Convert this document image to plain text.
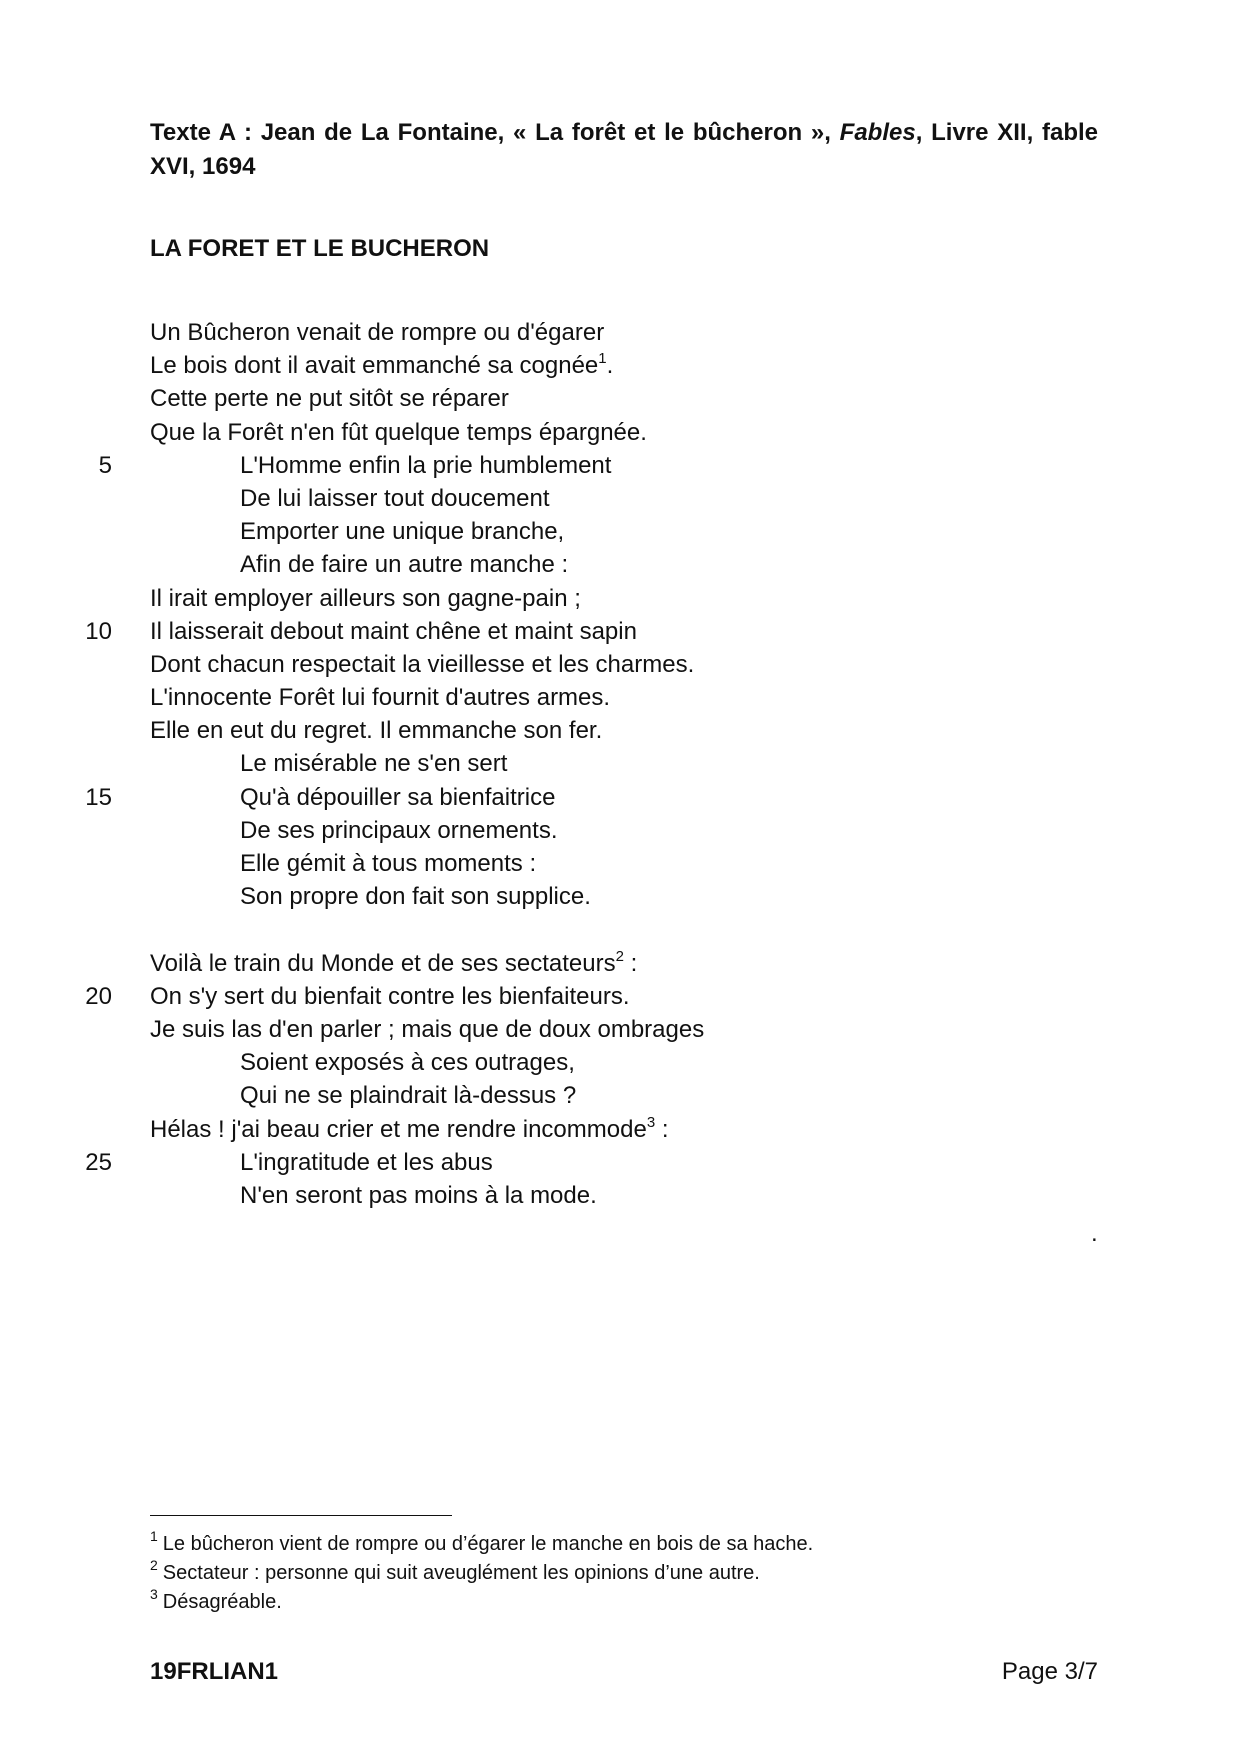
Texte A : Jean de La Fontaine, « La forêt et le bûcheron », Fables, Livre XII, fable XVI, 1694

LA FORET ET LE BUCHERON

Un Bûcheron venait de rompre ou d'égarer
Le bois dont il avait emmanché sa cognée$^1$.
Cette perte ne put sitôt se réparer
Que la Forêt n'en fût quelque temps épargnée.
5	L'Homme enfin la prie humblement
De lui laisser tout doucement
Emporter une unique branche,
Afin de faire un autre manche :
Il irait employer ailleurs son gagne-pain ;
10 Il laisserait debout maint chêne et maint sapin
Dont chacun respectait la vieillesse et les charmes.
L'innocente Forêt lui fournit d'autres armes.
Elle en eut du regret. Il emmanche son fer.
Le misérable ne s'en sert
15	Qu'à dépouiller sa bienfaitrice
De ses principaux ornements.
Elle gémit à tous moments :
Son propre don fait son supplice.
Voilà le train du Monde et de ses sectateurs$^2$ :
20 On s'y sert du bienfait contre les bienfaiteurs.
Je suis las d'en parler ; mais que de doux ombrages
Soient exposés à ces outrages,
Qui ne se plaindrait là-dessus ?
Hélas ! j'ai beau crier et me rendre incommode$^3$ :
25	L'ingratitude et les abus
N'en seront pas moins à la mode.
.
$^1$ Le bûcheron vient de rompre ou d’égarer le manche en bois de sa hache.
$^2$ Sectateur : personne qui suit aveuglément les opinions d’une autre.
$^3$ Désagréable.
19FRLIAN1	Page 3/7
